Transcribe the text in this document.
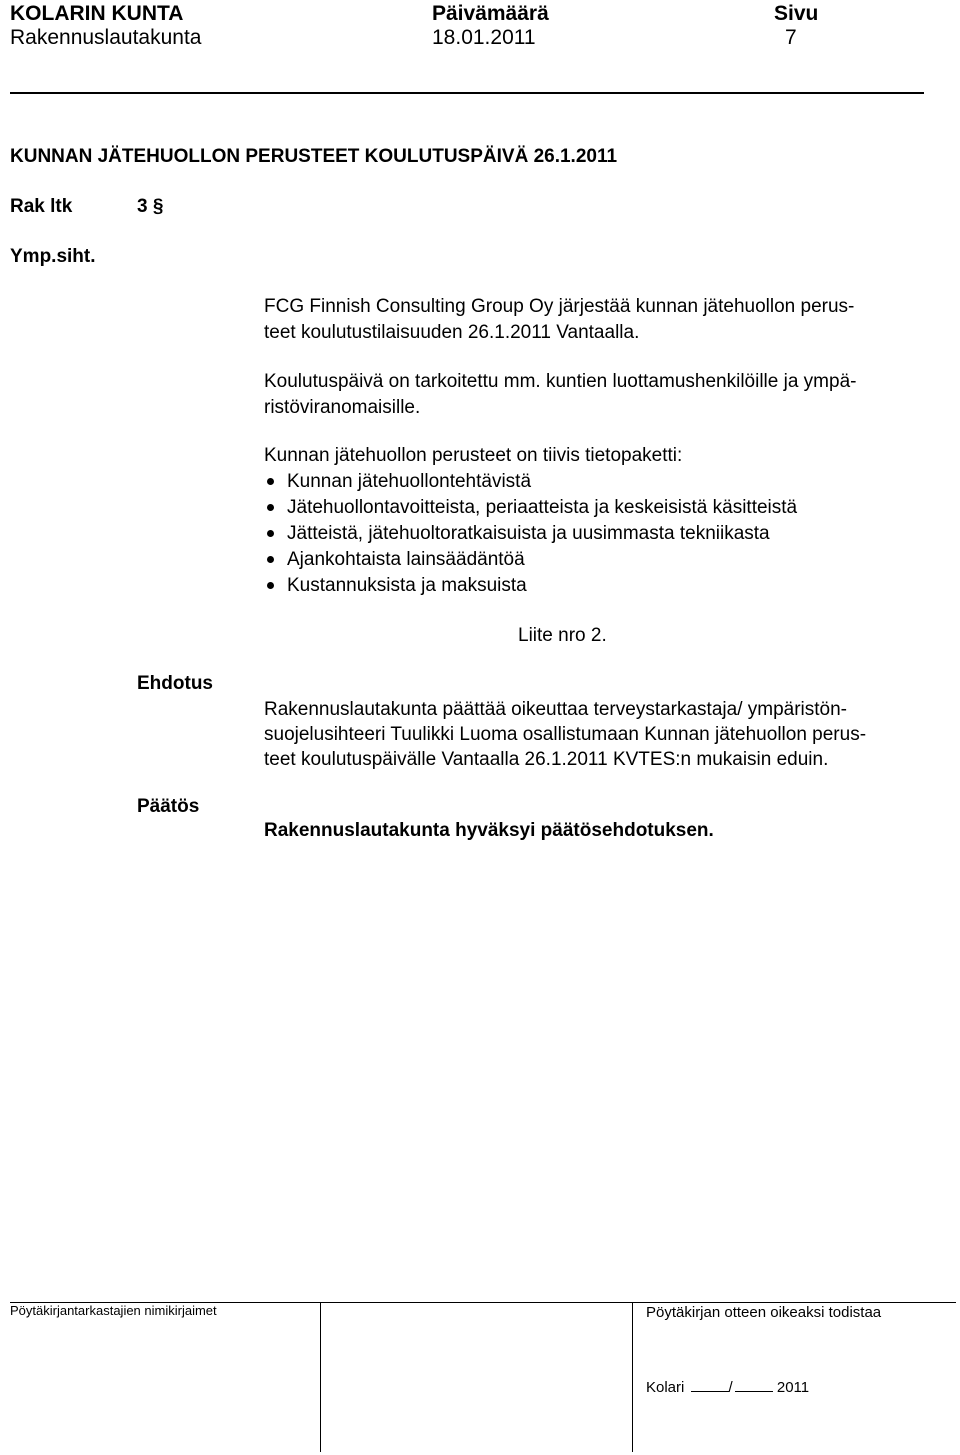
KOLARIN KUNTA
Rakennuslautakunta
Päivämäärä
18.01.2011
Sivu
7
KUNNAN JÄTEHUOLLON PERUSTEET KOULUTUSPÄIVÄ 26.1.2011
Rak ltk	3 §
Ymp.siht.
FCG Finnish Consulting Group Oy järjestää kunnan jätehuollon perus-
teet koulutustilaisuuden 26.1.2011 Vantaalla.
Koulutuspäivä on tarkoitettu mm. kuntien luottamushenkilöille ja ympä-
ristöviranomaisille.
Kunnan jätehuollon perusteet on tiivis tietopaketti:
Kunnan jätehuollontehtävistä
Jätehuollontavoitteista, periaatteista ja keskeisistä käsitteistä
Jätteistä, jätehuoltoratkaisuista ja uusimmasta tekniikasta
Ajankohtaista lainsäädäntöä
Kustannuksista ja maksuista
Liite nro 2.
Ehdotus
Rakennuslautakunta päättää oikeuttaa terveystarkastaja/ ympäristön-
suojelusihteeri Tuulikki Luoma osallistumaan Kunnan jätehuollon perus-
teet koulutuspäivälle Vantaalla 26.1.2011 KVTES:n mukaisin eduin.
Päätös
Rakennuslautakunta hyväksyi päätösehdotuksen.
Pöytäkirjantarkastajien nimikirjaimet	Pöytäkirjan otteen oikeaksi todistaa
Kolari	/	2011
